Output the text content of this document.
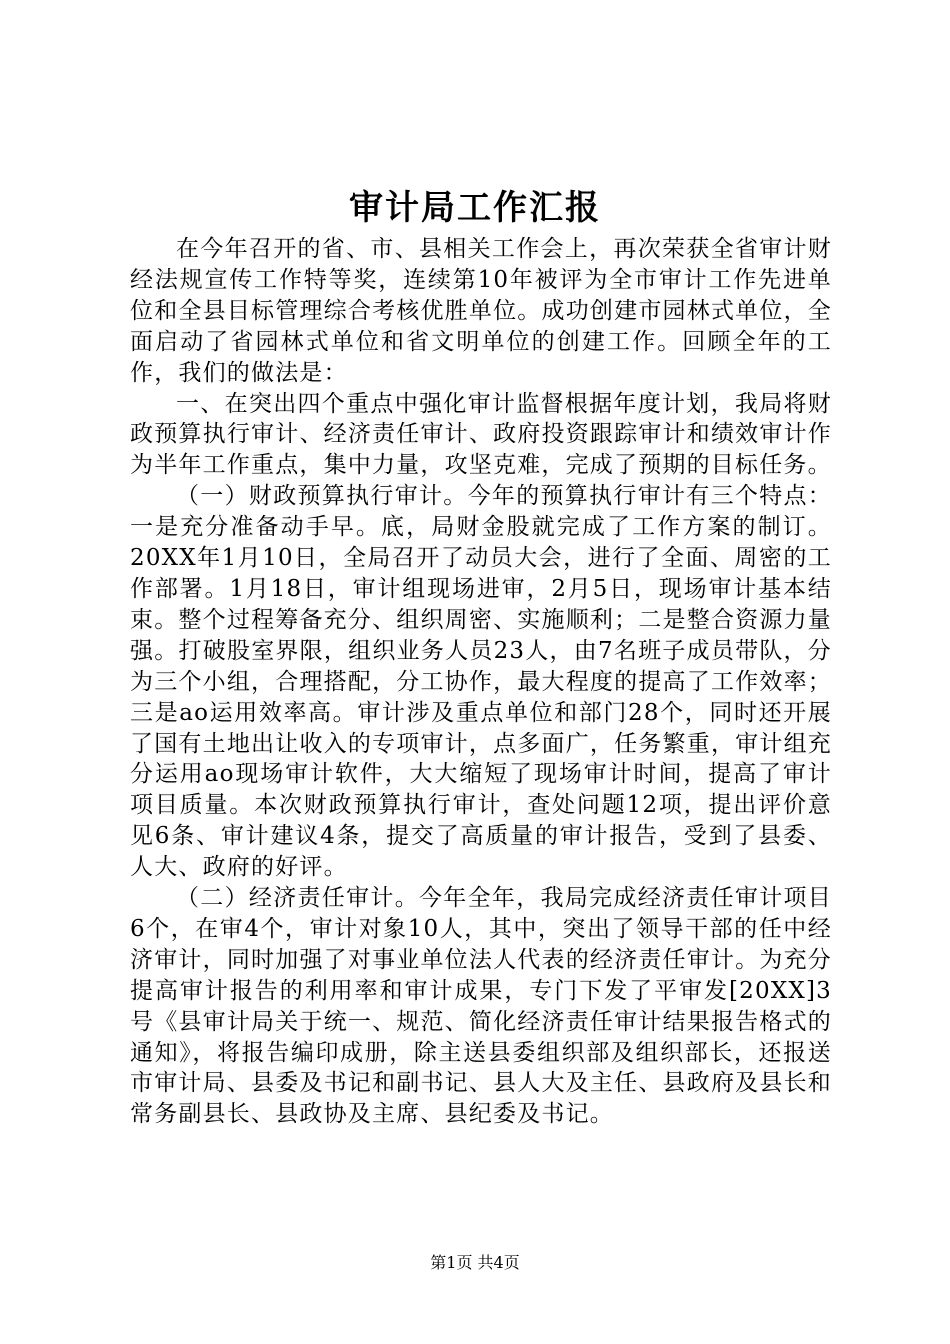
审计局工作汇报

在今年召开的省、市、县相关工作会上，再次荣获全省审计财经法规宣传工作特等奖，连续第10年被评为全市审计工作先进单位和全县目标管理综合考核优胜单位。成功创建市园林式单位，全面启动了省园林式单位和省文明单位的创建工作。回顾全年的工作，我们的做法是：

一、在突出四个重点中强化审计监督根据年度计划，我局将财政预算执行审计、经济责任审计、政府投资跟踪审计和绩效审计作为半年工作重点，集中力量，攻坚克难，完成了预期的目标任务。

（一）财政预算执行审计。今年的预算执行审计有三个特点：一是充分准备动手早。底，局财金股就完成了工作方案的制订。20XX年1月10日，全局召开了动员大会，进行了全面、周密的工作部署。1月18日，审计组现场进审，2月5日，现场审计基本结束。整个过程筹备充分、组织周密、实施顺利；二是整合资源力量强。打破股室界限，组织业务人员23人，由7名班子成员带队，分为三个小组，合理搭配，分工协作，最大程度的提高了工作效率；三是ao运用效率高。审计涉及重点单位和部门28个，同时还开展了国有土地出让收入的专项审计，点多面广，任务繁重，审计组充分运用ao现场审计软件，大大缩短了现场审计时间，提高了审计项目质量。本次财政预算执行审计，查处问题12项，提出评价意见6条、审计建议4条，提交了高质量的审计报告，受到了县委、人大、政府的好评。

（二）经济责任审计。今年全年，我局完成经济责任审计项目6个，在审4个，审计对象10人，其中，突出了领导干部的任中经济审计，同时加强了对事业单位法人代表的经济责任审计。为充分提高审计报告的利用率和审计成果，专门下发了平审发[20XX]3号《县审计局关于统一、规范、简化经济责任审计结果报告格式的通知》，将报告编印成册，除主送县委组织部及组织部长，还报送市审计局、县委及书记和副书记、县人大及主任、县政府及县长和常务副县长、县政协及主席、县纪委及书记。

第1页 共4页
